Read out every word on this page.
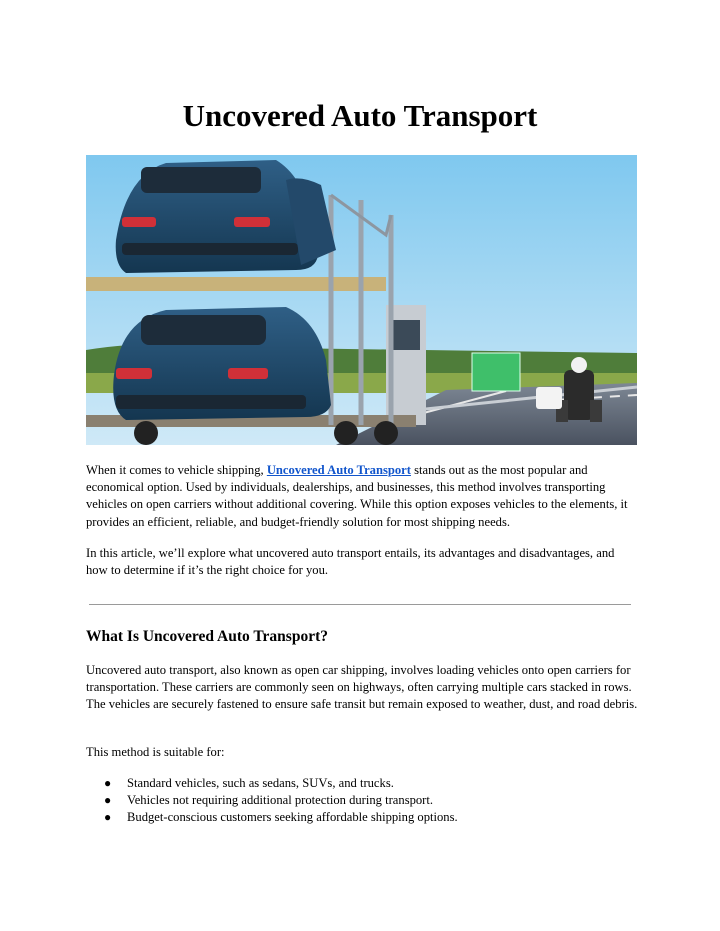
Uncovered Auto Transport
When it comes to vehicle shipping, Uncovered Auto Transport stands out as the most popular and economical option. Used by individuals, dealerships, and businesses, this method involves transporting vehicles on open carriers without additional covering. While this option exposes vehicles to the elements, it provides an efficient, reliable, and budget-friendly solution for most shipping needs.
In this article, we’ll explore what uncovered auto transport entails, its advantages and disadvantages, and how to determine if it’s the right choice for you.
What Is Uncovered Auto Transport?
Uncovered auto transport, also known as open car shipping, involves loading vehicles onto open carriers for transportation. These carriers are commonly seen on highways, often carrying multiple cars stacked in rows. The vehicles are securely fastened to ensure safe transit but remain exposed to weather, dust, and road debris.
This method is suitable for:
● Standard vehicles, such as sedans, SUVs, and trucks.
● Vehicles not requiring additional protection during transport.
● Budget-conscious customers seeking affordable shipping options.
